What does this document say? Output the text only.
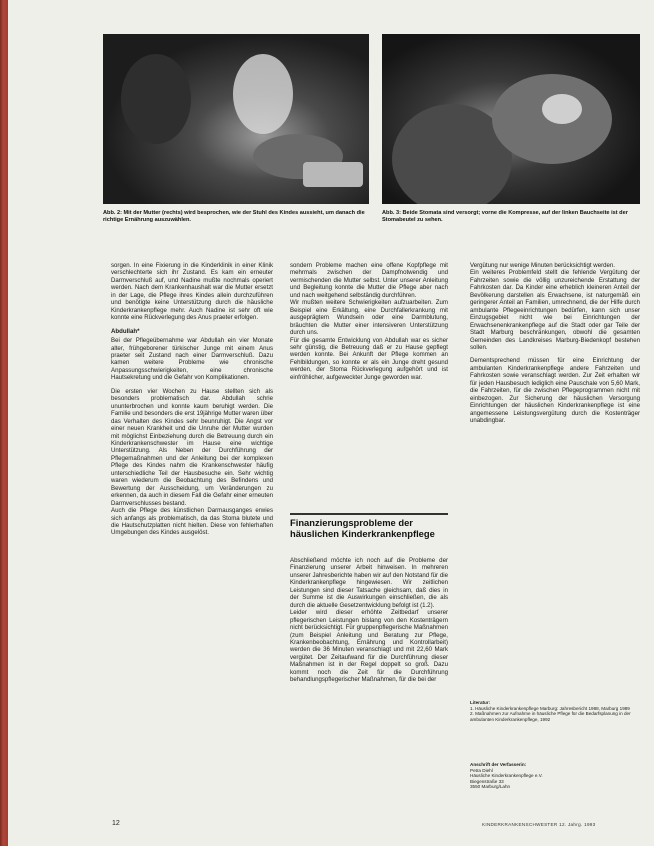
Abb. 2: Mit der Mutter (rechts) wird besprochen, wie der Stuhl des Kindes aussieht, um danach die richtige Ernährung auszuwählen.
Abb. 3: Beide Stomata sind versorgt; vorne die Kompresse, auf der linken Bauchseite ist der Stomabeutel zu sehen.

sorgen. In eine Fixierung in die Kinderklinik in einer Klinik verschlechterte sich ihr Zustand. Es kam ein erneuter Darmverschluß auf, und Nadine mußte nochmals operiert werden. Nach dem Krankenhaushalt war die Mutter ersetzt in der Lage, die Pflege ihres Kindes allein durchzuführen und benötigte keine Unterstützung durch die häusliche Kinderkrankenpflege mehr. Auch Nadine ist sehr oft wie konnte eine Rückverlegung des Anus praeter erfolgen.

Abdullah*

Bei der Pflegeübernahme war Abdullah ein vier Monate alter, frühgeborener türkischer Junge mit einem Anus praeter seit Zustand nach einer Darmverschluß. Dazu kamen weitere Probleme wie chronische Anpassungsschwierigkeiten, eine chronische Hautsekretung und die Gefahr von Komplikationen.

Die ersten vier Wochen zu Hause stellten sich als besonders problematisch dar. Abdullah schrie ununterbrochen und konnte kaum beruhigt werden. Die Familie und besonders die erst 19jährige Mutter waren über das Verhalten des Kindes sehr beunruhigt. Die Angst vor einer neuen Krankheit und die Unruhe der Mutter wurden mit möglichst Einbeziehung durch die Betreuung durch ein Kinderkrankenschwester im Hause eine wichtige Unterstützung. Als Neben der Durchführung der Pflegemaßnahmen und der Anleitung bei der komplexen Pflege des Kindes nahm die Krankenschwester häufig unterschiedliche Teil der Hausbesuche ein. Sehr wichtig waren wiederum die Beobachtung des Befindens und Bewertung der Ausscheidung, um Veränderungen zu erkennen, da auch in diesem Fall die Gefahr einer erneuten Darmverschlusses bestand.

Auch die Pflege des künstlichen Darmausganges erwies sich anfangs als problematisch, da das Stoma blutete und die Hautschutzplatten nicht hielten. Diese von fehlerhaften Umgebungen des Kindes ausgelöst.

sondern Probleme machen eine offene Kopfpflege mit mehrmals zwischen der Dampfnotwendig und vermischenden die Mutter selbst. Unter unserer Anleitung und Begleitung konnte die Mutter die Pflege aber nach und nach weitgehend selbständig durchführen.

Wir mußten weitere Schwierigkeiten aufzuarbeiten. Zum Beispiel eine Erkältung, eine Durchfallerkrankung mit ausgeprägtem Wundsein oder eine Darmblutung, bräuchten die Mutter einer intensiveren Unterstützung durch uns.

Für die gesamte Entwicklung von Abdullah war es sicher sehr günstig, die Betreuung daß er zu Hause gepflegt werden konnte. Bei Ankunft der Pflege kommen an Fehlbildungen, so konnte er als ein Junge dreht gesund werden, der Stoma Rückverlegung aufgehört und ist einfröhlicher, aufgeweckter Junge geworden war.

Finanzierungsprobleme der häuslichen Kinderkrankenpflege

Abschließend möchte ich noch auf die Probleme der Finanzierung unserer Arbeit hinweisen. In mehreren unserer Jahresberichte haben wir auf den Notstand für die Kinderkrankenpflege hingewiesen. Wir zeitlichen Leistungen sind dieser Tatsache gleichsam, daß dies in der Summe ist die Auswirkungen einschließen, die als durch die aktuelle Gesetzentwicklung befolgt ist (1.2).

Leider wird dieser erhöhte Zeitbedarf unserer pflegerischen Leistungen bislang von den Kostenträgern nicht berücksichtigt. Für gruppenpflegerische Maßnahmen (zum Beispiel Anleitung und Beratung zur Pflege, Krankenbeobachtung, Ernährung und Kontrollarbeit) werden die 36 Minuten veranschlagt und mit 22,60 Mark vergütet. Der Zeitaufwand für die Durchführung dieser Maßnahmen ist in der Regel doppelt so groß. Dazu kommt noch die Zeit für die Durchführung behandlungspflegerischer Maßnahmen, für die bei der

Vergütung nur wenige Minuten berücksichtigt werden.

Ein weiteres Problemfeld stellt die fehlende Vergütung der Fahrzeiten sowie die völlig unzureichende Erstattung der Fahrkosten dar. Da Kinder eine erheblich kleineren Anteil der Bevölkerung darstellen als Erwachsene, ist naturgemäß ein geringerer Anteil an Familien, umrechnend, die der Hilfe durch ambulante Pflegeeinrichtungen bedürfen, kann sich unser Einzugsgebiet nicht wie bei Einrichtungen der Erwachsenenkrankenpflege auf die Stadt oder gar Teile der Stadt Marburg beschränkungen, obwohl die gesamten Gemeinden des Landkreises Marburg-Biedenkopf bestehen sollen.

Dementsprechend müssen für eine Einrichtung der ambulanten Kinderkrankenpflege andere Fahrzeiten und Fahrkosten sowie veranschlagt werden. Zur Zeit erhalten wir für jeden Hausbesuch lediglich eine Pauschale von 5,60 Mark, die Fahrzeiten, für die zwischen Pflegeprogrammen nicht mit einbezogen. Zur Sicherung der häuslichen Versorgung Einrichtungen der häuslichen Kinderkrankenpflege ist eine angemessene Leistungsvergütung durch die Kostenträger unabdingbar.

Literatur:
1. Häusliche Kinderkrankenpflege Marburg: Jahresbericht 1988, Marburg 1989
2. Maßnahmen zur Aufnahme in häusliche Pflege für die Bedarfsplanung in der ambulanten Kinderkrankenpflege, 1992
Anschrift der Verfasserin:
Petra Diehl
Häusliche Kinderkrankenpflege e.V.
Biegenstraße 33
3550 Marburg/Lahn
12	KINDERKRANKENSCHWESTER 12. Jahrg. 1993
